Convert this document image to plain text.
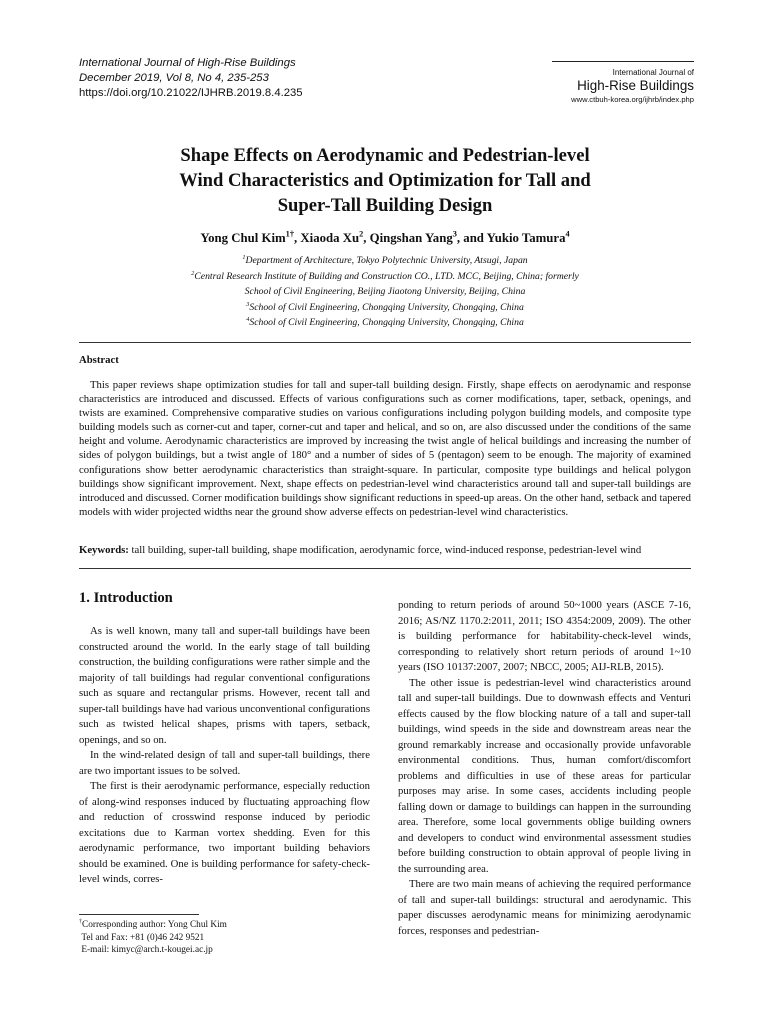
International Journal of High-Rise Buildings
December 2019, Vol 8, No 4, 235-253
https://doi.org/10.21022/IJHRB.2019.8.4.235
International Journal of
High-Rise Buildings
www.ctbuh-korea.org/ijhrb/index.php
Shape Effects on Aerodynamic and Pedestrian-level
Wind Characteristics and Optimization for Tall and
Super-Tall Building Design
Yong Chul Kim$^{1\dagger}$, Xiaoda Xu$^2$, Qingshan Yang$^3$, and Yukio Tamura$^4$
$^1$Department of Architecture, Tokyo Polytechnic University, Atsugi, Japan
$^2$Central Research Institute of Building and Construction CO., LTD. MCC, Beijing, China; formerly
School of Civil Engineering, Beijing Jiaotong University, Beijing, China
$^3$School of Civil Engineering, Chongqing University, Chongqing, China
$^4$School of Civil Engineering, Chongqing University, Chongqing, China
Abstract
This paper reviews shape optimization studies for tall and super-tall building design. Firstly, shape effects on aerodynamic and response characteristics are introduced and discussed. Effects of various configurations such as corner modifications, taper, setback, openings, and twists are examined. Comprehensive comparative studies on various configurations including polygon building models, and composite type building models such as corner-cut and taper, corner-cut and taper and helical, and so on, are also discussed under the conditions of the same height and volume. Aerodynamic characteristics are improved by increasing the twist angle of helical buildings and increasing the number of sides of polygon buildings, but a twist angle of 180° and a number of sides of 5 (pentagon) seem to be enough. The majority of examined configurations show better aerodynamic characteristics than straight-square. In particular, composite type buildings and helical polygon buildings show significant improvement. Next, shape effects on pedestrian-level wind characteristics around tall and super-tall buildings are introduced and discussed. Corner modification buildings show significant reductions in speed-up areas. On the other hand, setback and tapered models with wider projected widths near the ground show adverse effects on pedestrian-level wind characteristics.
Keywords: tall building, super-tall building, shape modification, aerodynamic force, wind-induced response, pedestrian-level wind
1. Introduction

As is well known, many tall and super-tall buildings have been constructed around the world. In the early stage of tall building construction, the building configurations were rather simple and the majority of tall buildings had regular conventional configurations such as square and rectangular prisms. However, recent tall and super-tall buildings have had various unconventional configurations such as twisted helical shapes, prisms with tapers, setback, openings, and so on.

In the wind-related design of tall and super-tall buildings, there are two important issues to be solved.

The first is their aerodynamic performance, especially reduction of along-wind responses induced by fluctuating approaching flow and reduction of crosswind response induced by periodic excitations due to Karman vortex shedding. Even for this aerodynamic performance, two important building behaviors should be examined. One is building performance for safety-check-level winds, corres-

ponding to return periods of around 50~1000 years (ASCE 7-16, 2016; AS/NZ 1170.2:2011, 2011; ISO 4354:2009, 2009). The other is building performance for habitability-check-level winds, corresponding to relatively short return periods of around 1~10 years (ISO 10137:2007, 2007; NBCC, 2005; AIJ-RLB, 2015).

The other issue is pedestrian-level wind characteristics around tall and super-tall buildings. Due to downwash effects and Venturi effects caused by the flow blocking nature of a tall and super-tall buildings, wind speeds in the side and downstream areas near the ground remarkably increase and occasionally provide unfavorable environmental conditions. Thus, human comfort/discomfort problems and difficulties in use of these areas for particular purposes may arise. In some cases, accidents including people falling down or damage to buildings can happen in the surrounding area. Therefore, some local governments oblige building owners and developers to conduct wind environmental assessment studies before building construction to obtain approval of people living in the surrounding area.

There are two main means of achieving the required performance of tall and super-tall buildings: structural and aerodynamic. This paper discusses aerodynamic means for minimizing aerodynamic forces, responses and pedestrian-

†Corresponding author: Yong Chul Kim
Tel and Fax: +81 (0)46 242 9521
E-mail: kimyc@arch.t-kougei.ac.jp
